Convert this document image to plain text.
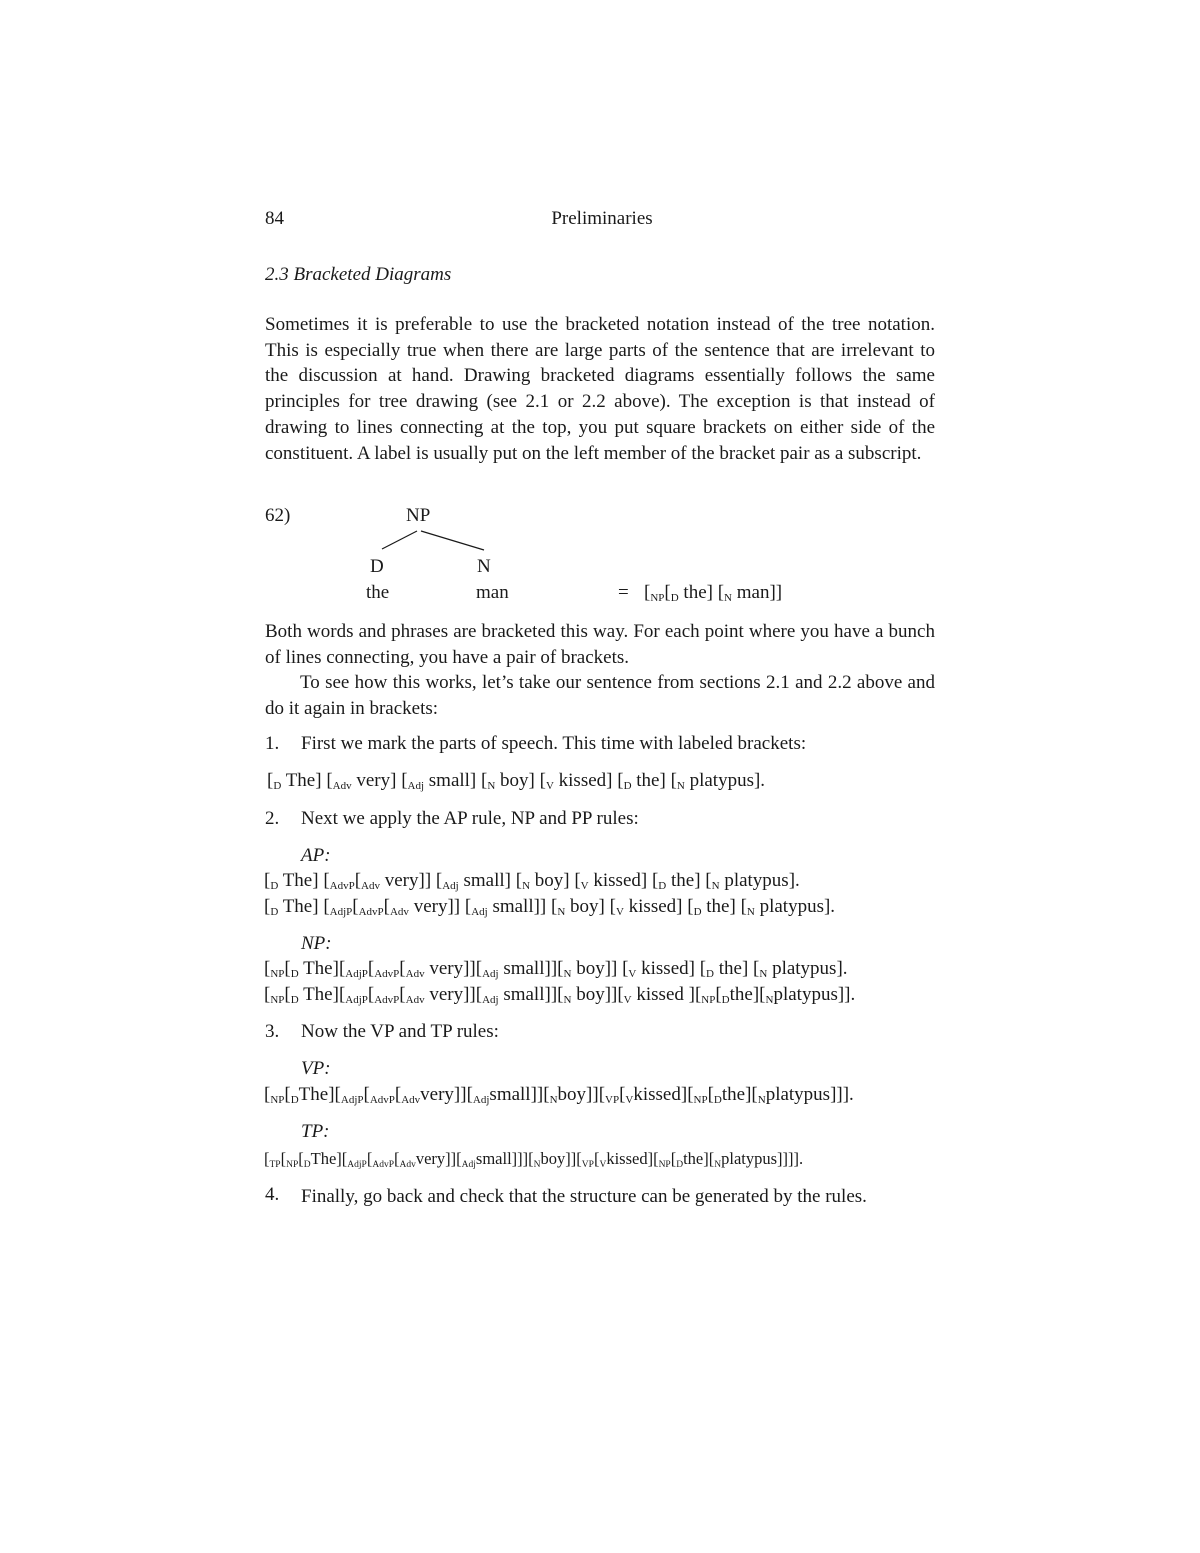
84	Preliminaries
2.3 Bracketed Diagrams

Sometimes it is preferable to use the bracketed notation instead of the tree notation. This is especially true when there are large parts of the sentence that are irrelevant to the discussion at hand. Drawing bracketed diagrams essentially follows the same principles for tree drawing (see 2.1 or 2.2 above). The exception is that instead of drawing to lines connecting at the top, you put square brackets on either side of the constituent. A label is usually put on the left member of the bracket pair as a subscript.

62)	NP
D	N
the	man	= [$_{NP}[_D$ the] [$_N$ man]]

Both words and phrases are bracketed this way. For each point where you have a bunch of lines connecting, you have a pair of brackets.

To see how this works, let’s take our sentence from sections 2.1 and 2.2 above and do it again in brackets:

1. First we mark the parts of speech. This time with labeled brackets:
[$_D$ The] [$_{Adv}$ very] [$_{Adj}$ small] [$_N$ boy] [$_V$ kissed] [$_D$ the] [$_N$ platypus].
2. Next we apply the AP rule, NP and PP rules:
AP:
[$_D$ The] [$_{AdvP}[_{Adv}$ very]] [$_{Adj}$ small] [$_N$ boy] [$_V$ kissed] [$_D$ the] [$_N$ platypus].
[$_D$ The] [$_{AdjP}[_{AdvP}[_{Adv}$ very]] [$_{Adj}$ small]] [$_N$ boy] [$_V$ kissed] [$_D$ the] [$_N$ platypus].
NP:
[$_{NP}[_D$ $The][_{AdjP}[_{AdvP}[_{Adv}$ $very]][_{Adj}$ $small]][_N$ boy]] [$_V$ kissed] [$_D$ the] [$_N$ platypus].
[$_{NP}[_D$ $The][_{AdjP}[_{AdvP}[_{Adv}$ $very]][_{Adj}$ $small]][_N$ $boy]][_V$ kissed ]$[_{NP}[_Dthe][_Nplatypus]]$.
3. Now the VP and TP rules:
VP:
$[_{NP}[_DThe][_{AdjP}[_{AdvP}[_{Adv}very]][_{Adj}small]][_Nboy]][_{VP}[_Vkissed][_{NP}[_Dthe][_Nplatypus]]]$.
TP:
$[_{TP}[_{NP}[_DThe][_{AdjP}[_{AdvP}[_{Adv}very]][_{Adj}small]]][_Nboy]][_{VP}[_Vkissed][_{NP}[_Dthe][_Nplatypus]]]$].
4. Finally, go back and check that the structure can be generated by the rules.
